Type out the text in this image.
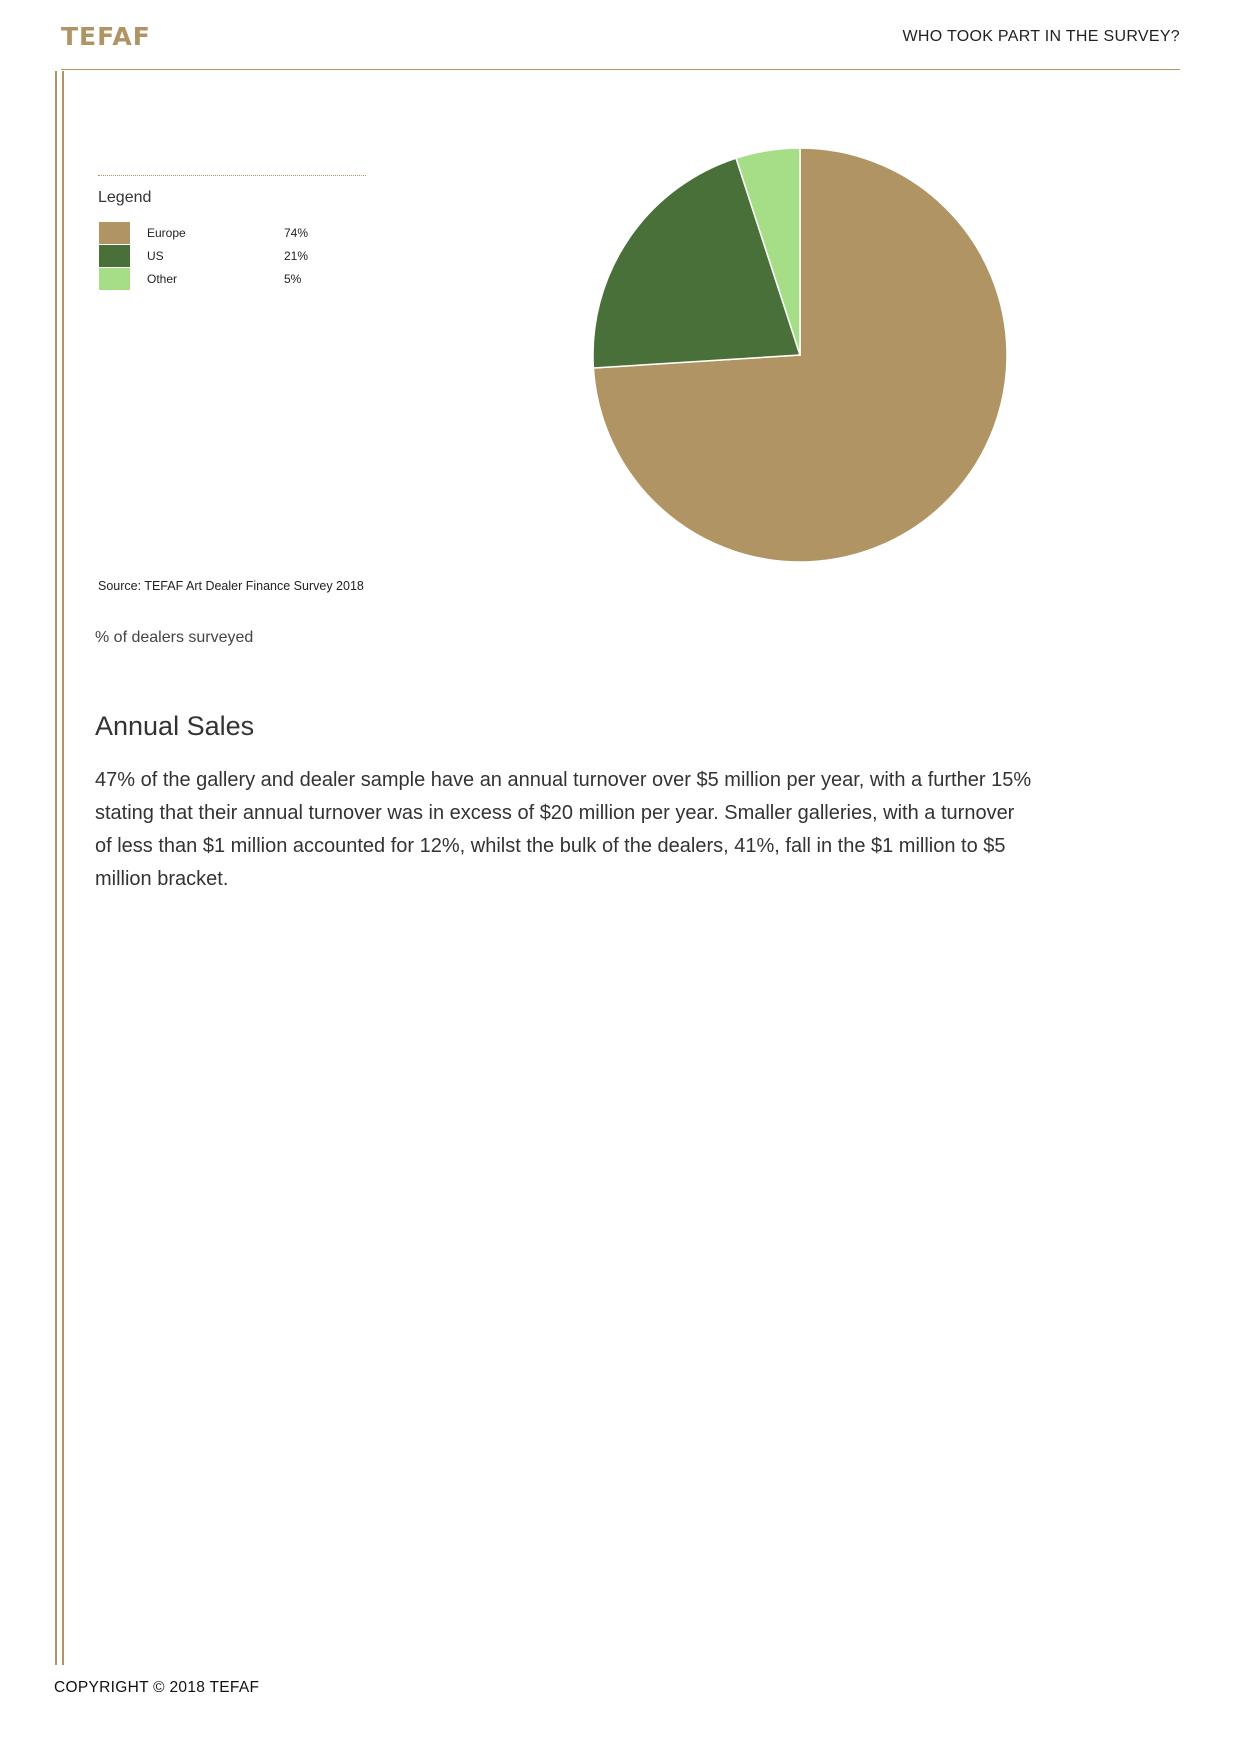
TEFAF	WHO TOOK PART IN THE SURVEY?
Legend
Europe	74%
US	21%
Other	5%
Source: TEFAF Art Dealer Finance Survey 2018
% of dealers surveyed
Annual Sales

47% of the gallery and dealer sample have an annual turnover over $5 million per year, with a further 15% stating that their annual turnover was in excess of $20 million per year. Smaller galleries, with a turnover of less than $1 million accounted for 12%, whilst the bulk of the dealers, 41%, fall in the $1 million to $5 million bracket.

COPYRIGHT © 2018 TEFAF
